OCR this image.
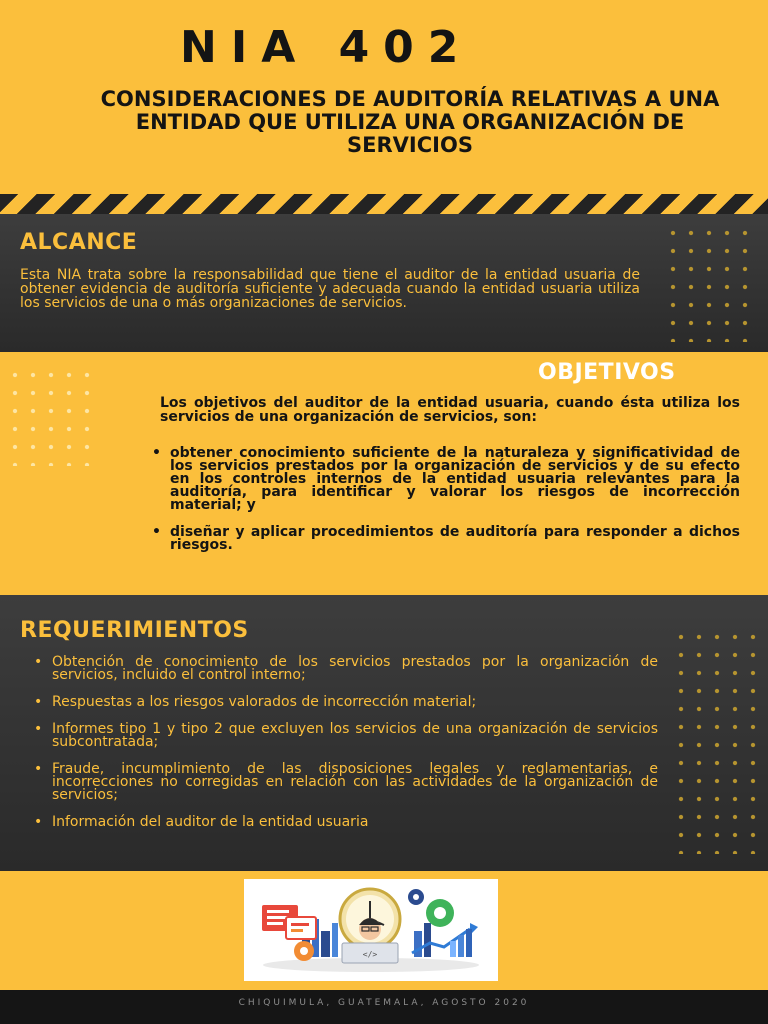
NIA 402
CONSIDERACIONES DE AUDITORÍA RELATIVAS A UNA ENTIDAD QUE UTILIZA UNA ORGANIZACIÓN DE SERVICIOS
ALCANCE

Esta NIA trata sobre la responsabilidad que tiene el auditor de la entidad usuaria de obtener evidencia de auditoría suficiente y adecuada cuando la entidad usuaria utiliza los servicios de una o más organizaciones de servicios.

OBJETIVOS

Los objetivos del auditor de la entidad usuaria, cuando ésta utiliza los servicios de una organización de servicios, son:

• obtener conocimiento suficiente de la naturaleza y significatividad de los servicios prestados por la organización de servicios y de su efecto en los controles internos de la entidad usuaria relevantes para la auditoría, para identificar y valorar los riesgos de incorrección material; y
• diseñar y aplicar procedimientos de auditoría para responder a dichos riesgos.
REQUERIMIENTOS
• Obtención de conocimiento de los servicios prestados por la organización de servicios, incluido el control interno;
• Respuestas a los riesgos valorados de incorrección material;
• Informes tipo 1 y tipo 2 que excluyen los servicios de una organización de servicios subcontratada;
• Fraude, incumplimiento de las disposiciones legales y reglamentarias, e incorrecciones no corregidas en relación con las actividades de la organización de servicios;
• Información del auditor de la entidad usuaria
</>

CHIQUIMULA, GUATEMALA, AGOSTO 2020
